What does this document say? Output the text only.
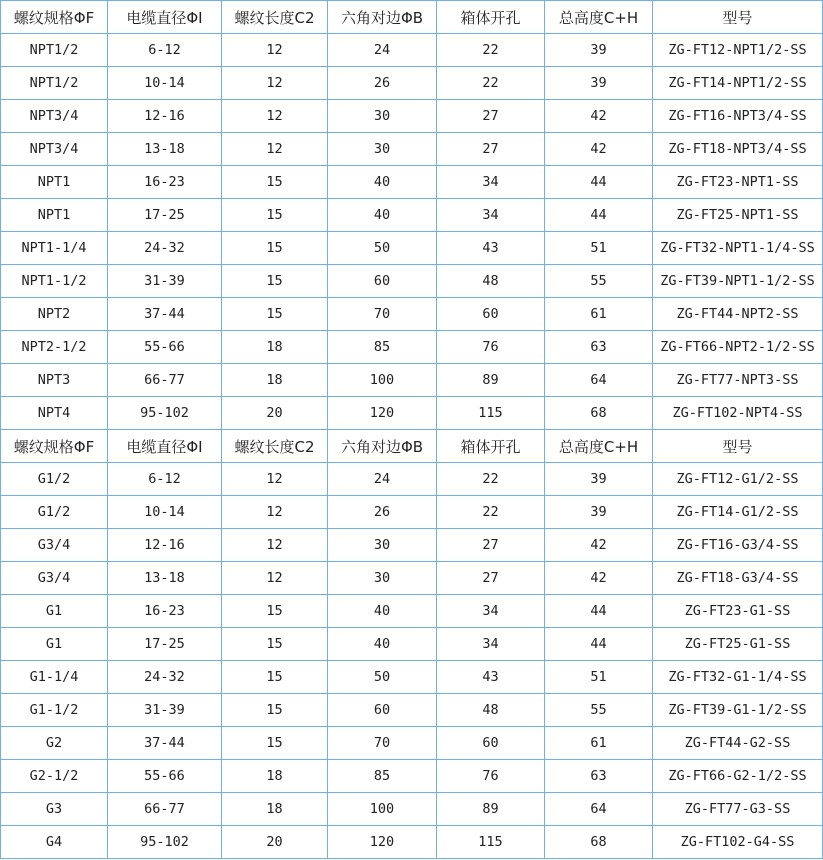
螺纹规格ΦF	电缆直径ΦI	螺纹长度C2	六角对边ΦB	箱体开孔	总高度C+H	型号
NPT1/2	6-12	12	24	22	39	ZG-FT12-NPT1/2-SS
NPT1/2	10-14	12	26	22	39	ZG-FT14-NPT1/2-SS
NPT3/4	12-16	12	30	27	42	ZG-FT16-NPT3/4-SS
NPT3/4	13-18	12	30	27	42	ZG-FT18-NPT3/4-SS
NPT1	16-23	15	40	34	44	ZG-FT23-NPT1-SS
NPT1	17-25	15	40	34	44	ZG-FT25-NPT1-SS
NPT1-1/4	24-32	15	50	43	51	ZG-FT32-NPT1-1/4-SS
NPT1-1/2	31-39	15	60	48	55	ZG-FT39-NPT1-1/2-SS
NPT2	37-44	15	70	60	61	ZG-FT44-NPT2-SS
NPT2-1/2	55-66	18	85	76	63	ZG-FT66-NPT2-1/2-SS
NPT3	66-77	18	100	89	64	ZG-FT77-NPT3-SS
NPT4	95-102	20	120	115	68	ZG-FT102-NPT4-SS
螺纹规格ΦF	电缆直径ΦI	螺纹长度C2	六角对边ΦB	箱体开孔	总高度C+H	型号
G1/2	6-12	12	24	22	39	ZG-FT12-G1/2-SS
G1/2	10-14	12	26	22	39	ZG-FT14-G1/2-SS
G3/4	12-16	12	30	27	42	ZG-FT16-G3/4-SS
G3/4	13-18	12	30	27	42	ZG-FT18-G3/4-SS
G1	16-23	15	40	34	44	ZG-FT23-G1-SS
G1	17-25	15	40	34	44	ZG-FT25-G1-SS
G1-1/4	24-32	15	50	43	51	ZG-FT32-G1-1/4-SS
G1-1/2	31-39	15	60	48	55	ZG-FT39-G1-1/2-SS
G2	37-44	15	70	60	61	ZG-FT44-G2-SS
G2-1/2	55-66	18	85	76	63	ZG-FT66-G2-1/2-SS
G3	66-77	18	100	89	64	ZG-FT77-G3-SS
G4	95-102	20	120	115	68	ZG-FT102-G4-SS
